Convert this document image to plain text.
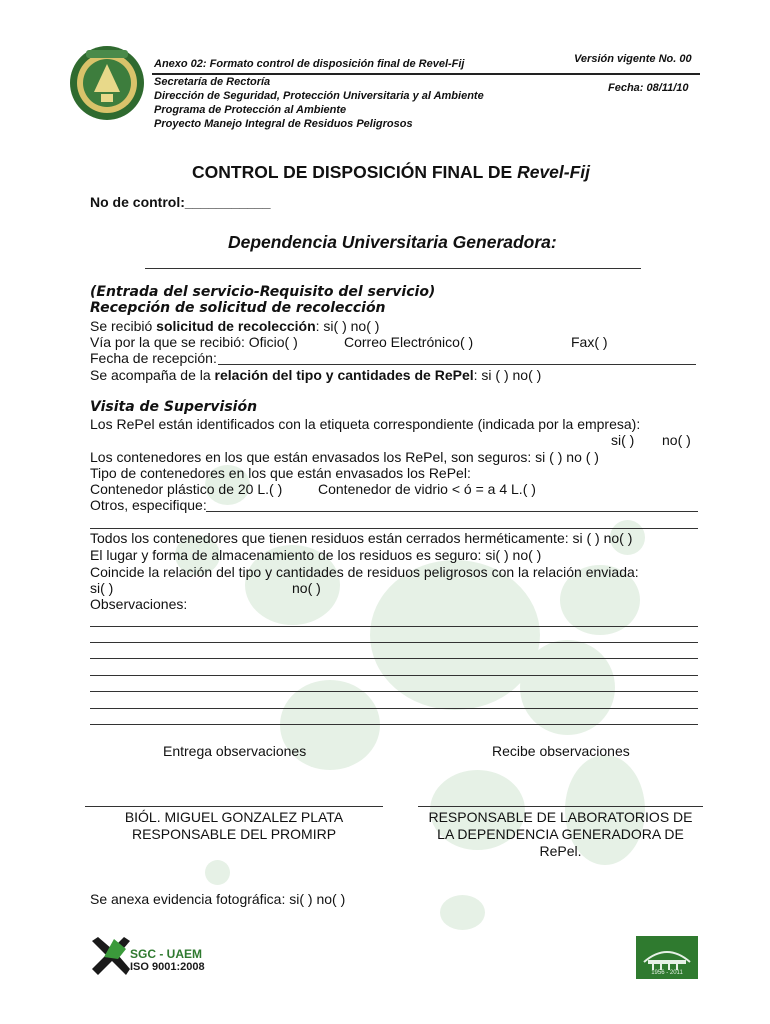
Anexo 02: Formato control de disposición final de Revel-Fij	Versión vigente No. 00
Secretaría de Rectoría
Dirección de Seguridad, Protección Universitaria y al Ambiente
Programa de Protección al Ambiente
Proyecto Manejo Integral de Residuos Peligrosos
Fecha: 08/11/10
CONTROL DE DISPOSICIÓN FINAL DE Revel-Fij
No de control:___________
Dependencia Universitaria Generadora:
(Entrada del servicio-Requisito del servicio)
Recepción de solicitud de recolección
Se recibió solicitud de recolección: si( ) no( )
Vía por la que se recibió: Oficio( )	Correo Electrónico( )	Fax( )
Fecha de recepción:
Se acompaña de la relación del tipo y cantidades de RePel: si ( ) no( )
Visita de Supervisión
Los RePel están identificados con la etiqueta correspondiente (indicada por la empresa):
si( ) no( )
Los contenedores en los que están envasados los RePel, son seguros: si ( ) no ( )
Tipo de contenedores en los que están envasados los RePel:
Contenedor plástico de 20 L.( )	Contenedor de vidrio < ó = a 4 L.( )
Otros, especifique:
Todos los contenedores que tienen residuos están cerrados herméticamente: si ( ) no( )
El lugar y forma de almacenamiento de los residuos es seguro: si( ) no( )
Coincide la relación del tipo y cantidades de residuos peligrosos con la relación enviada:
si( )	no( )
Observaciones:
Entrega observaciones	Recibe observaciones
BIÓL. MIGUEL GONZALEZ PLATA
RESPONSABLE DEL PROMIRP
RESPONSABLE DE LABORATORIOS DE
LA DEPENDENCIA GENERADORA DE
RePel.
Se anexa evidencia fotográfica: si( ) no( )
SGC - UAEM
ISO 9001:2008	1956 - 2011
